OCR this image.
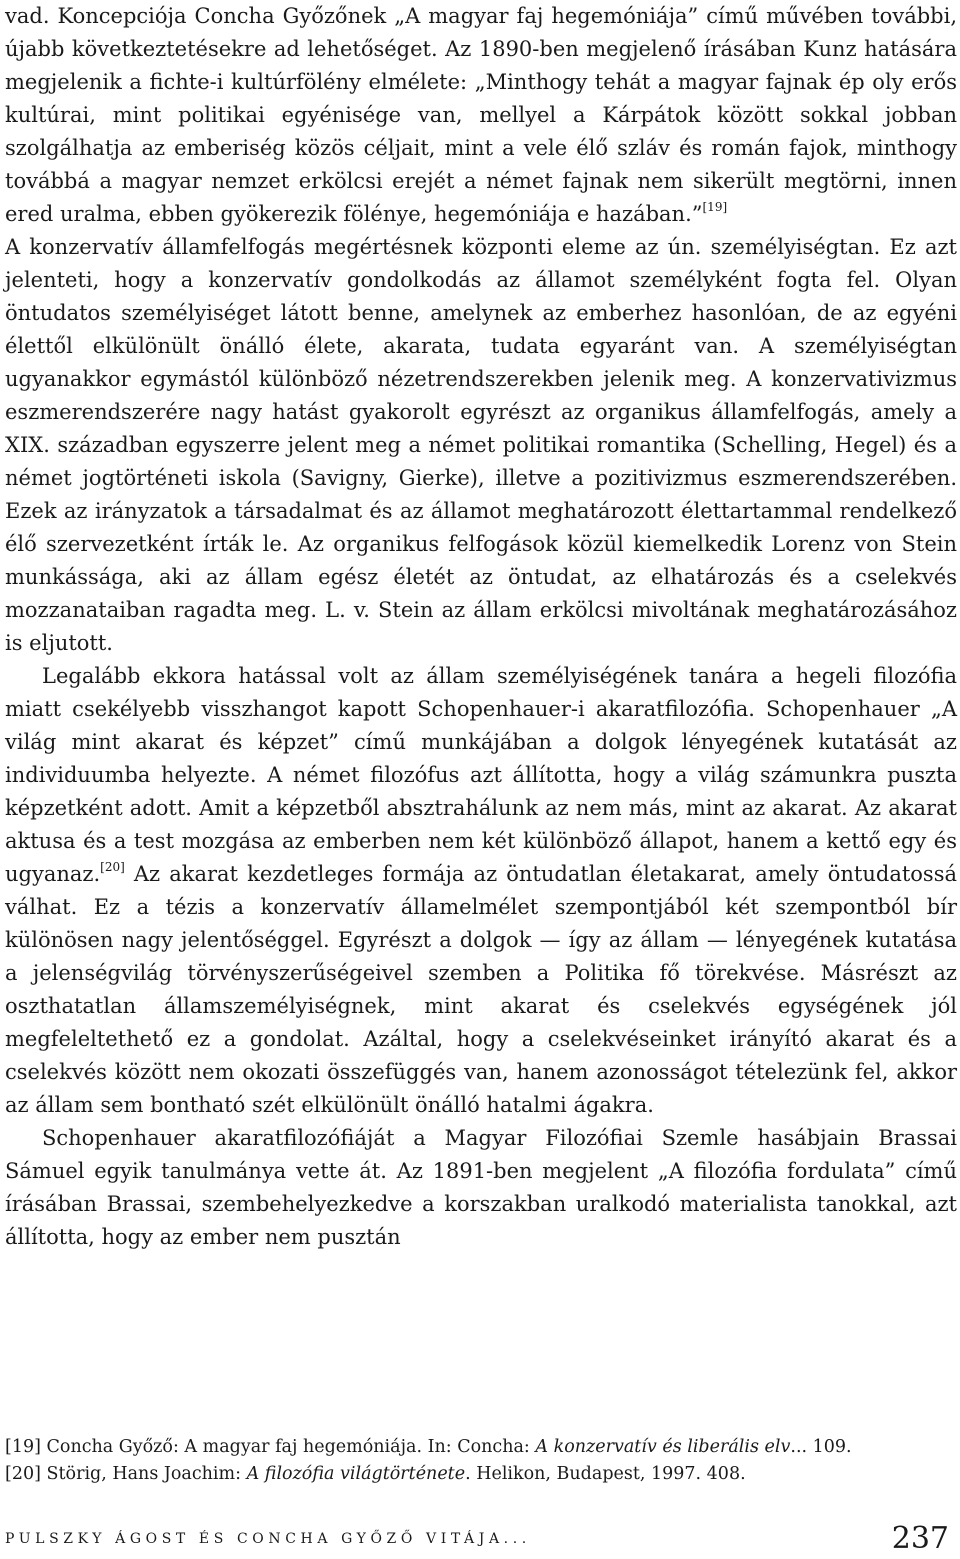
vad. Koncepciója Concha Győzőnek „A magyar faj hegemóniája” című művében további, újabb következtetésekre ad lehetőséget. Az 1890-ben megjelenő írásában Kunz hatására megjelenik a fichte-i kultúrfölény elmélete: „Minthogy tehát a magyar fajnak ép oly erős kultúrai, mint politikai egyénisége van, mellyel a Kárpátok között sokkal jobban szolgálhatja az emberiség közös céljait, mint a vele élő szláv és román fajok, minthogy továbbá a magyar nemzet erkölcsi erejét a német fajnak nem sikerült megtörni, innen ered uralma, ebben gyökerezik fölénye, hegemóniája e hazában.”[19]

A konzervatív államfelfogás megértésnek központi eleme az ún. személyiségtan. Ez azt jelenteti, hogy a konzervatív gondolkodás az államot személyként fogta fel. Olyan öntudatos személyiséget látott benne, amelynek az emberhez hasonlóan, de az egyéni élettől elkülönült önálló élete, akarata, tudata egyaránt van. A személyiségtan ugyanakkor egymástól különböző nézetrendszerekben jelenik meg. A konzervativizmus eszmerendszerére nagy hatást gyakorolt egyrészt az organikus államfelfogás, amely a XIX. században egyszerre jelent meg a német politikai romantika (Schelling, Hegel) és a német jogtörténeti iskola (Savigny, Gierke), illetve a pozitivizmus eszmerendszerében. Ezek az irányzatok a társadalmat és az államot meghatározott élettartammal rendelkező élő szervezetként írták le. Az organikus felfogások közül kiemelkedik Lorenz von Stein munkássága, aki az állam egész életét az öntudat, az elhatározás és a cselekvés mozzanataiban ragadta meg. L. v. Stein az állam erkölcsi mivoltának meghatározásához is eljutott.

Legalább ekkora hatással volt az állam személyiségének tanára a hegeli filozófia miatt csekélyebb visszhangot kapott Schopenhauer-i akaratfilozófia. Schopenhauer „A világ mint akarat és képzet” című munkájában a dolgok lényegének kutatását az individuumba helyezte. A német filozófus azt állította, hogy a világ számunkra puszta képzetként adott. Amit a képzetből absztrahálunk az nem más, mint az akarat. Az akarat aktusa és a test mozgása az emberben nem két különböző állapot, hanem a kettő egy és ugyanaz.[20] Az akarat kezdetleges formája az öntudatlan életakarat, amely öntudatossá válhat. Ez a tézis a konzervatív államelmélet szempontjából két szempontból bír különösen nagy jelentőséggel. Egyrészt a dolgok — így az állam — lényegének kutatása a jelenségvilág törvényszerűségeivel szemben a Politika fő törekvése. Másrészt az oszthatatlan államszemélyiségnek, mint akarat és cselekvés egységének jól megfeleltethető ez a gondolat. Azáltal, hogy a cselekvéseinket irányító akarat és a cselekvés között nem okozati összefüggés van, hanem azonosságot tételezünk fel, akkor az állam sem bontható szét elkülönült önálló hatalmi ágakra.

Schopenhauer akaratfilozófiáját a Magyar Filozófiai Szemle hasábjain Brassai Sámuel egyik tanulmánya vette át. Az 1891-ben megjelent „A filozófia fordulata” című írásában Brassai, szembehelyezkedve a korszakban uralkodó materialista tanokkal, azt állította, hogy az ember nem pusztán

[19] Concha Győző: A magyar faj hegemóniája. In: Concha: A konzervatív és liberális elv... 109.
[20] Störig, Hans Joachim: A filozófia világtörténete. Helikon, Budapest, 1997. 408.
PULSZKY ÁGOST ÉS CONCHA GYŐZŐ VITÁJA...	237
